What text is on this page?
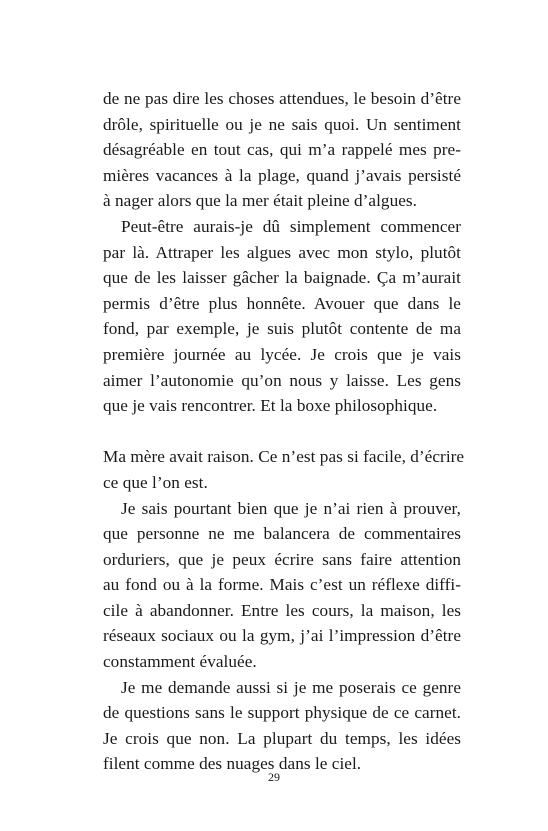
de ne pas dire les choses attendues, le besoin d’être
drôle, spirituelle ou je ne sais quoi. Un sentiment
désagréable en tout cas, qui m’a rappelé mes pre-
mières vacances à la plage, quand j’avais persisté
à nager alors que la mer était pleine d’algues.
Peut-être aurais-je dû simplement commencer
par là. Attraper les algues avec mon stylo, plutôt
que de les laisser gâcher la baignade. Ça m’aurait
permis d’être plus honnête. Avouer que dans le
fond, par exemple, je suis plutôt contente de ma
première journée au lycée. Je crois que je vais
aimer l’autonomie qu’on nous y laisse. Les gens
que je vais rencontrer. Et la boxe philosophique.
Ma mère avait raison. Ce n’est pas si facile, d’écrire
ce que l’on est.
Je sais pourtant bien que je n’ai rien à prouver,
que personne ne me balancera de commentaires
orduriers, que je peux écrire sans faire attention
au fond ou à la forme. Mais c’est un réflexe diffi-
cile à abandonner. Entre les cours, la maison, les
réseaux sociaux ou la gym, j’ai l’impression d’être
constamment évaluée.
Je me demande aussi si je me poserais ce genre
de questions sans le support physique de ce carnet.
Je crois que non. La plupart du temps, les idées
filent comme des nuages dans le ciel.
29
